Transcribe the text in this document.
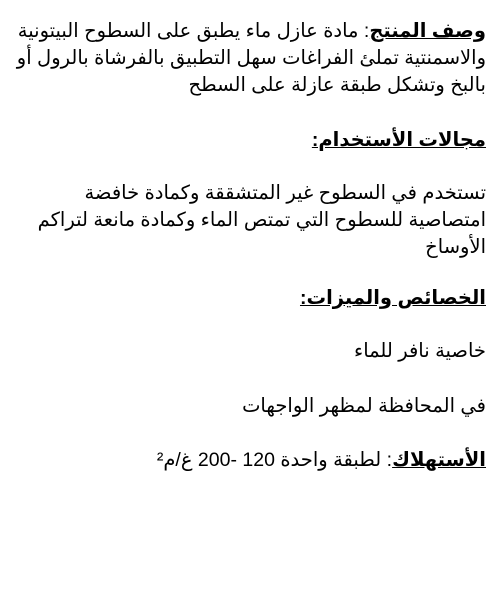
وصف المنتج: مادة عازل ماء يطبق على السطوح البيتونية والاسمنتية تملئ الفراغات سهل التطبيق بالفرشاة بالرول أو بالبخ وتشكل طبقة عازلة على السطح

مجالات الأستخدام:

تستخدم في السطوح غير المتشققة وكمادة خافضة امتصاصية للسطوح التي تمتص الماء وكمادة مانعة لتراكم الأوساخ

الخصائص والميزات:

خاصية نافر للماء

في المحافظة لمظهر الواجهات

الأستهلاك: لطبقة واحدة 120 -200 غ/م²
